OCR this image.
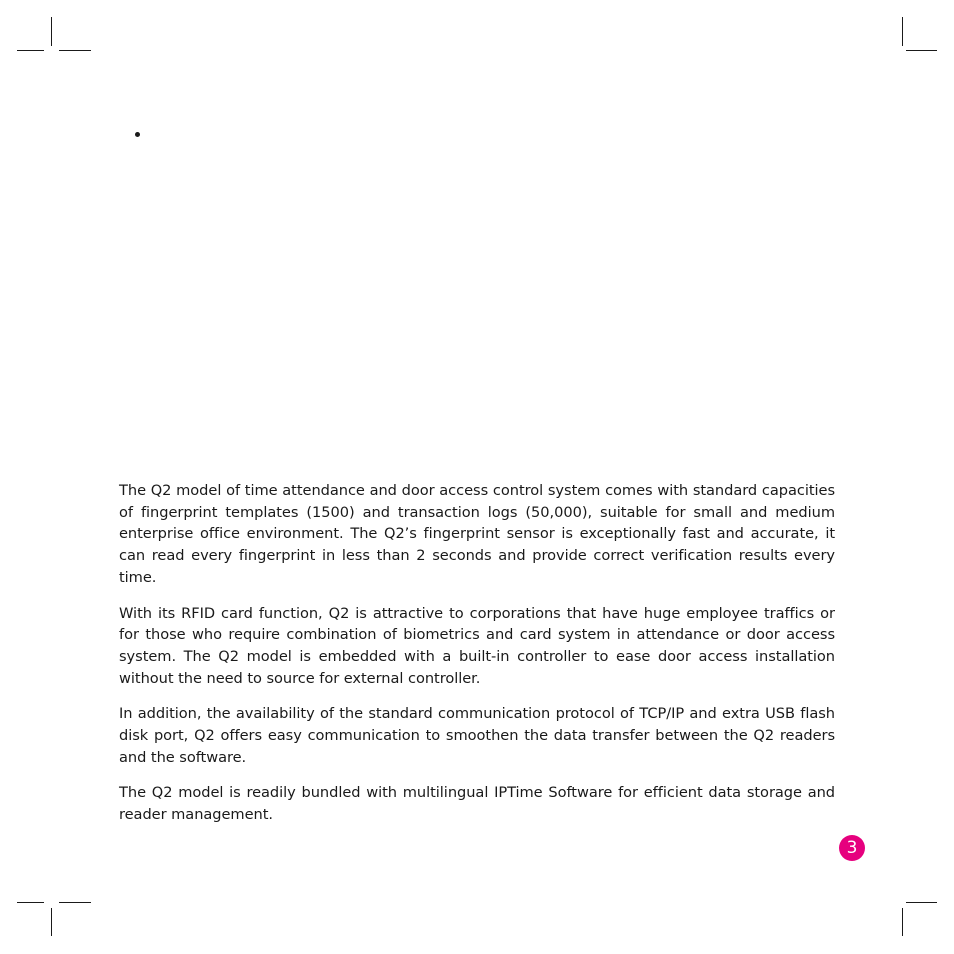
The Q2 model of time attendance and door access control system comes with standard capacities of fingerprint templates (1500) and transaction logs (50,000), suitable for small and medium enterprise office environment. The Q2’s fingerprint sensor is exceptionally fast and accurate, it can read every fingerprint in less than 2 seconds and provide correct verification results every time.

With its RFID card function, Q2 is attractive to corporations that have huge employee traffics or for those who require combination of biometrics and card system in attendance or door access system. The Q2 model is embedded with a built-in controller to ease door access installation without the need to source for external controller.

In addition, the availability of the standard communication protocol of TCP/IP and extra USB flash disk port, Q2 offers easy communication to smoothen the data transfer between the Q2 readers and the software.

The Q2 model is readily bundled with multilingual IPTime Software for efficient data storage and reader management.

3
